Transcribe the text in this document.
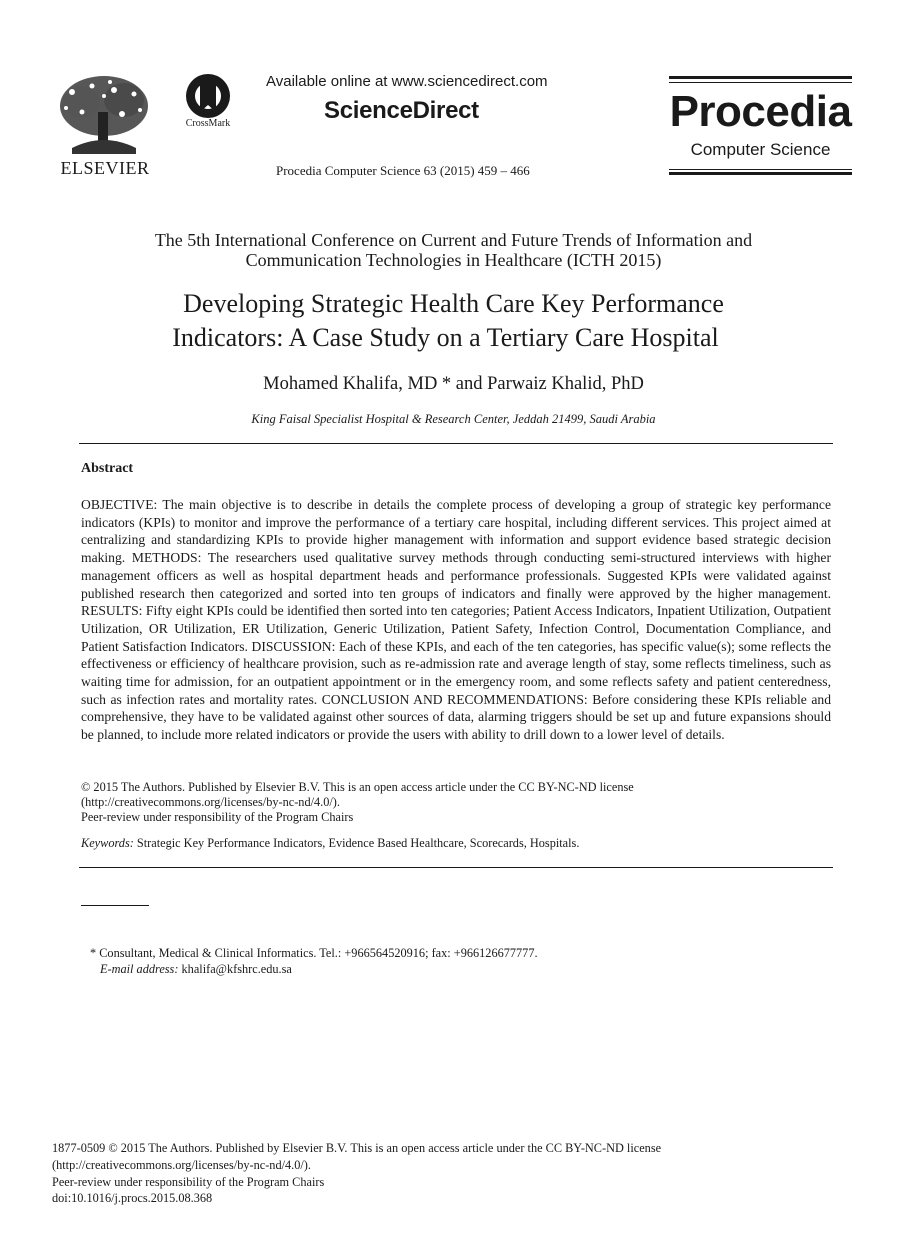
ELSEVIER
CrossMark
Available online at www.sciencedirect.com
ScienceDirect
Procedia Computer Science 63 (2015) 459 – 466
Procedia
Computer Science
The 5th International Conference on Current and Future Trends of Information and
Communication Technologies in Healthcare (ICTH 2015)
Developing Strategic Health Care Key Performance
Indicators: A Case Study on a Tertiary Care Hospital
Mohamed Khalifa, MD * and Parwaiz Khalid, PhD
King Faisal Specialist Hospital & Research Center, Jeddah 21499, Saudi Arabia
Abstract
OBJECTIVE: The main objective is to describe in details the complete process of developing a group of strategic key performance indicators (KPIs) to monitor and improve the performance of a tertiary care hospital, including different services. This project aimed at centralizing and standardizing KPIs to provide higher management with information and support evidence based strategic decision making. METHODS: The researchers used qualitative survey methods through conducting semi-structured interviews with higher management officers as well as hospital department heads and performance professionals. Suggested KPIs were validated against published research then categorized and sorted into ten groups of indicators and finally were approved by the higher management. RESULTS: Fifty eight KPIs could be identified then sorted into ten categories; Patient Access Indicators, Inpatient Utilization, Outpatient Utilization, OR Utilization, ER Utilization, Generic Utilization, Patient Safety, Infection Control, Documentation Compliance, and Patient Satisfaction Indicators. DISCUSSION: Each of these KPIs, and each of the ten categories, has specific value(s); some reflects the effectiveness or efficiency of healthcare provision, such as re-admission rate and average length of stay, some reflects timeliness, such as waiting time for admission, for an outpatient appointment or in the emergency room, and some reflects safety and patient centeredness, such as infection rates and mortality rates. CONCLUSION AND RECOMMENDATIONS: Before considering these KPIs reliable and comprehensive, they have to be validated against other sources of data, alarming triggers should be set up and future expansions should be planned, to include more related indicators or provide the users with ability to drill down to a lower level of details.
© 2015 The Authors. Published by Elsevier B.V. This is an open access article under the CC BY-NC-ND license
(http://creativecommons.org/licenses/by-nc-nd/4.0/).
Peer-review under responsibility of the Program Chairs
Keywords: Strategic Key Performance Indicators, Evidence Based Healthcare, Scorecards, Hospitals.
* Consultant, Medical & Clinical Informatics. Tel.: +966564520916; fax: +966126677777.
E-mail address: khalifa@kfshrc.edu.sa
1877-0509 © 2015 The Authors. Published by Elsevier B.V. This is an open access article under the CC BY-NC-ND license
(http://creativecommons.org/licenses/by-nc-nd/4.0/).
Peer-review under responsibility of the Program Chairs
doi:10.1016/j.procs.2015.08.368
